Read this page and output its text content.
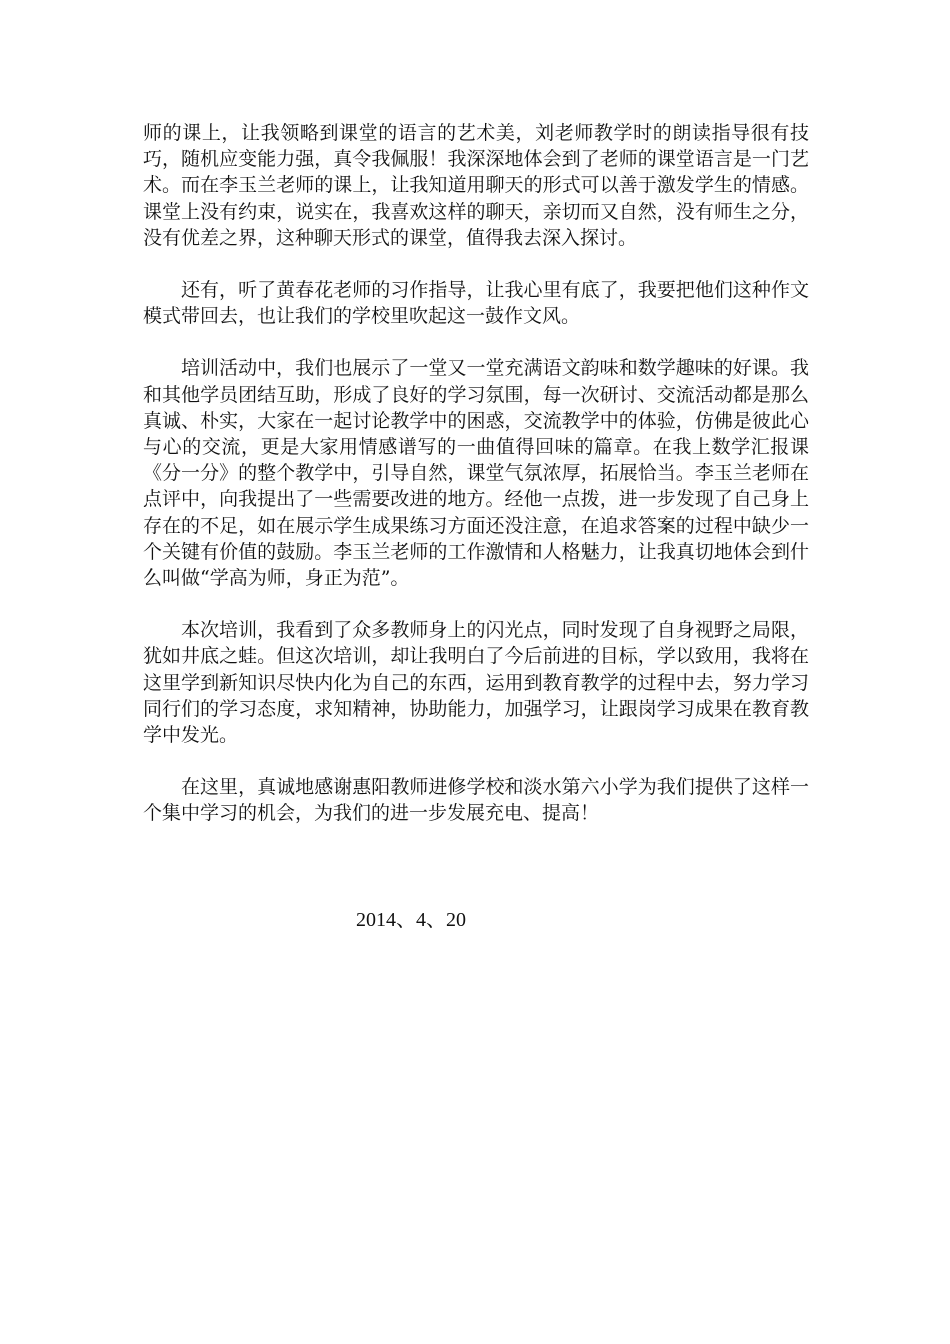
师的课上，让我领略到课堂的语言的艺术美，刘老师教学时的朗读指导很有技巧，随机应变能力强，真令我佩服！我深深地体会到了老师的课堂语言是一门艺术。而在李玉兰老师的课上，让我知道用聊天的形式可以善于激发学生的情感。课堂上没有约束，说实在，我喜欢这样的聊天，亲切而又自然，没有师生之分，没有优差之界，这种聊天形式的课堂，值得我去深入探讨。

还有，听了黄春花老师的习作指导，让我心里有底了，我要把他们这种作文模式带回去，也让我们的学校里吹起这一鼓作文风。

培训活动中，我们也展示了一堂又一堂充满语文韵味和数学趣味的好课。我和其他学员团结互助，形成了良好的学习氛围，每一次研讨、交流活动都是那么真诚、朴实，大家在一起讨论教学中的困惑，交流教学中的体验，仿佛是彼此心与心的交流，更是大家用情感谱写的一曲值得回味的篇章。在我上数学汇报课《分一分》的整个教学中，引导自然，课堂气氛浓厚，拓展恰当。李玉兰老师在点评中，向我提出了一些需要改进的地方。经他一点拨，进一步发现了自己身上存在的不足，如在展示学生成果练习方面还没注意，在追求答案的过程中缺少一个关键有价值的鼓励。李玉兰老师的工作激情和人格魅力，让我真切地体会到什么叫做“学高为师，身正为范”。

本次培训，我看到了众多教师身上的闪光点，同时发现了自身视野之局限，犹如井底之蛙。但这次培训，却让我明白了今后前进的目标，学以致用，我将在这里学到新知识尽快内化为自己的东西，运用到教育教学的过程中去，努力学习同行们的学习态度，求知精神，协助能力，加强学习，让跟岗学习成果在教育教学中发光。

在这里，真诚地感谢惠阳教师进修学校和淡水第六小学为我们提供了这样一个集中学习的机会，为我们的进一步发展充电、提高！

2014、4、20
